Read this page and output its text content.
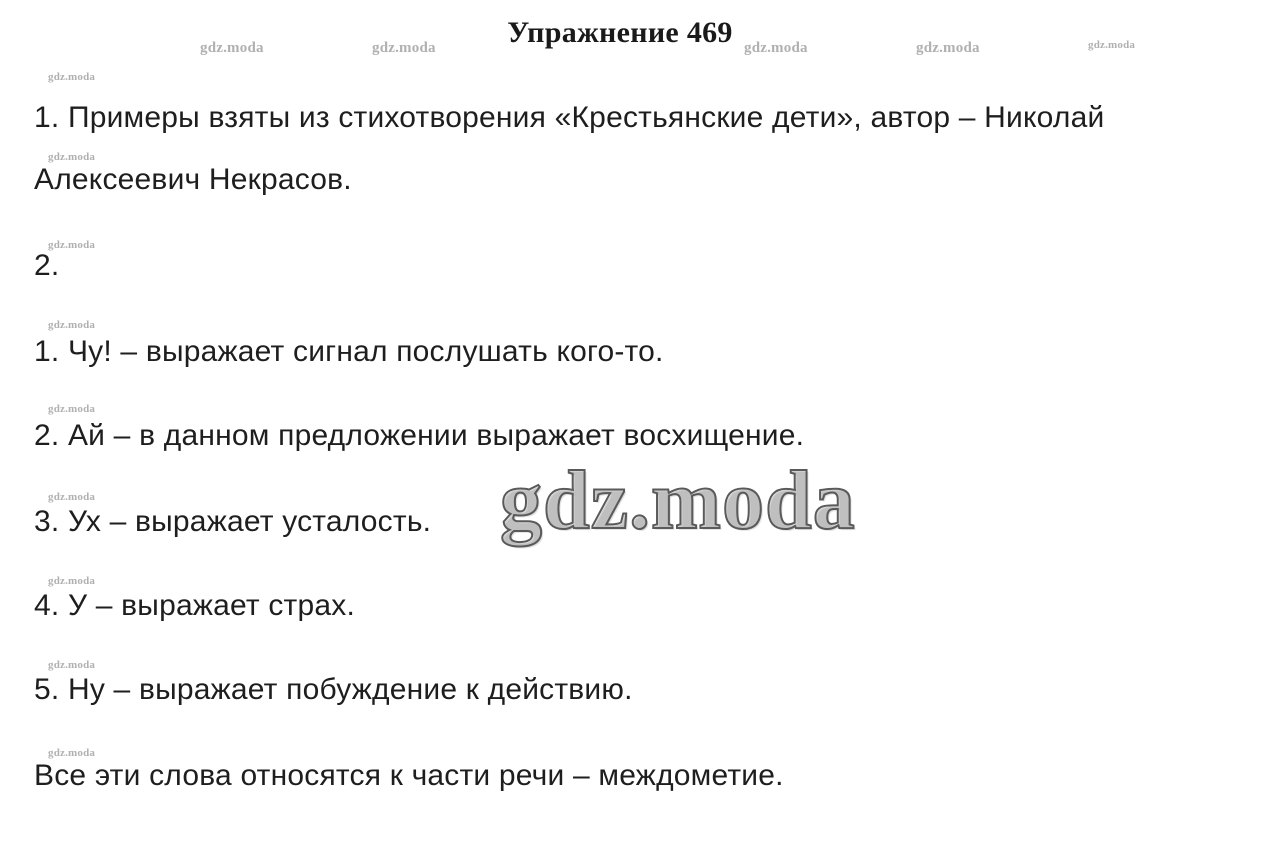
gdz.moda	gdz.moda	gdz.moda	gdz.moda	gdz.moda
Упражнение 469
gdz.moda
gdz.moda
gdz.moda
gdz.moda
gdz.moda
gdz.moda
gdz.moda
gdz.moda
gdz.moda
1. Примеры взяты из стихотворения «Крестьянские дети», автор – Николай
Алексеевич Некрасов.
2.
1. Чу! – выражает сигнал послушать кого-то.
2. Ай – в данном предложении выражает восхищение.
3. Ух – выражает усталость.
4. У – выражает страх.
5. Ну – выражает побуждение к действию.
Все эти слова относятся к части речи – междометие.
gdz.moda
